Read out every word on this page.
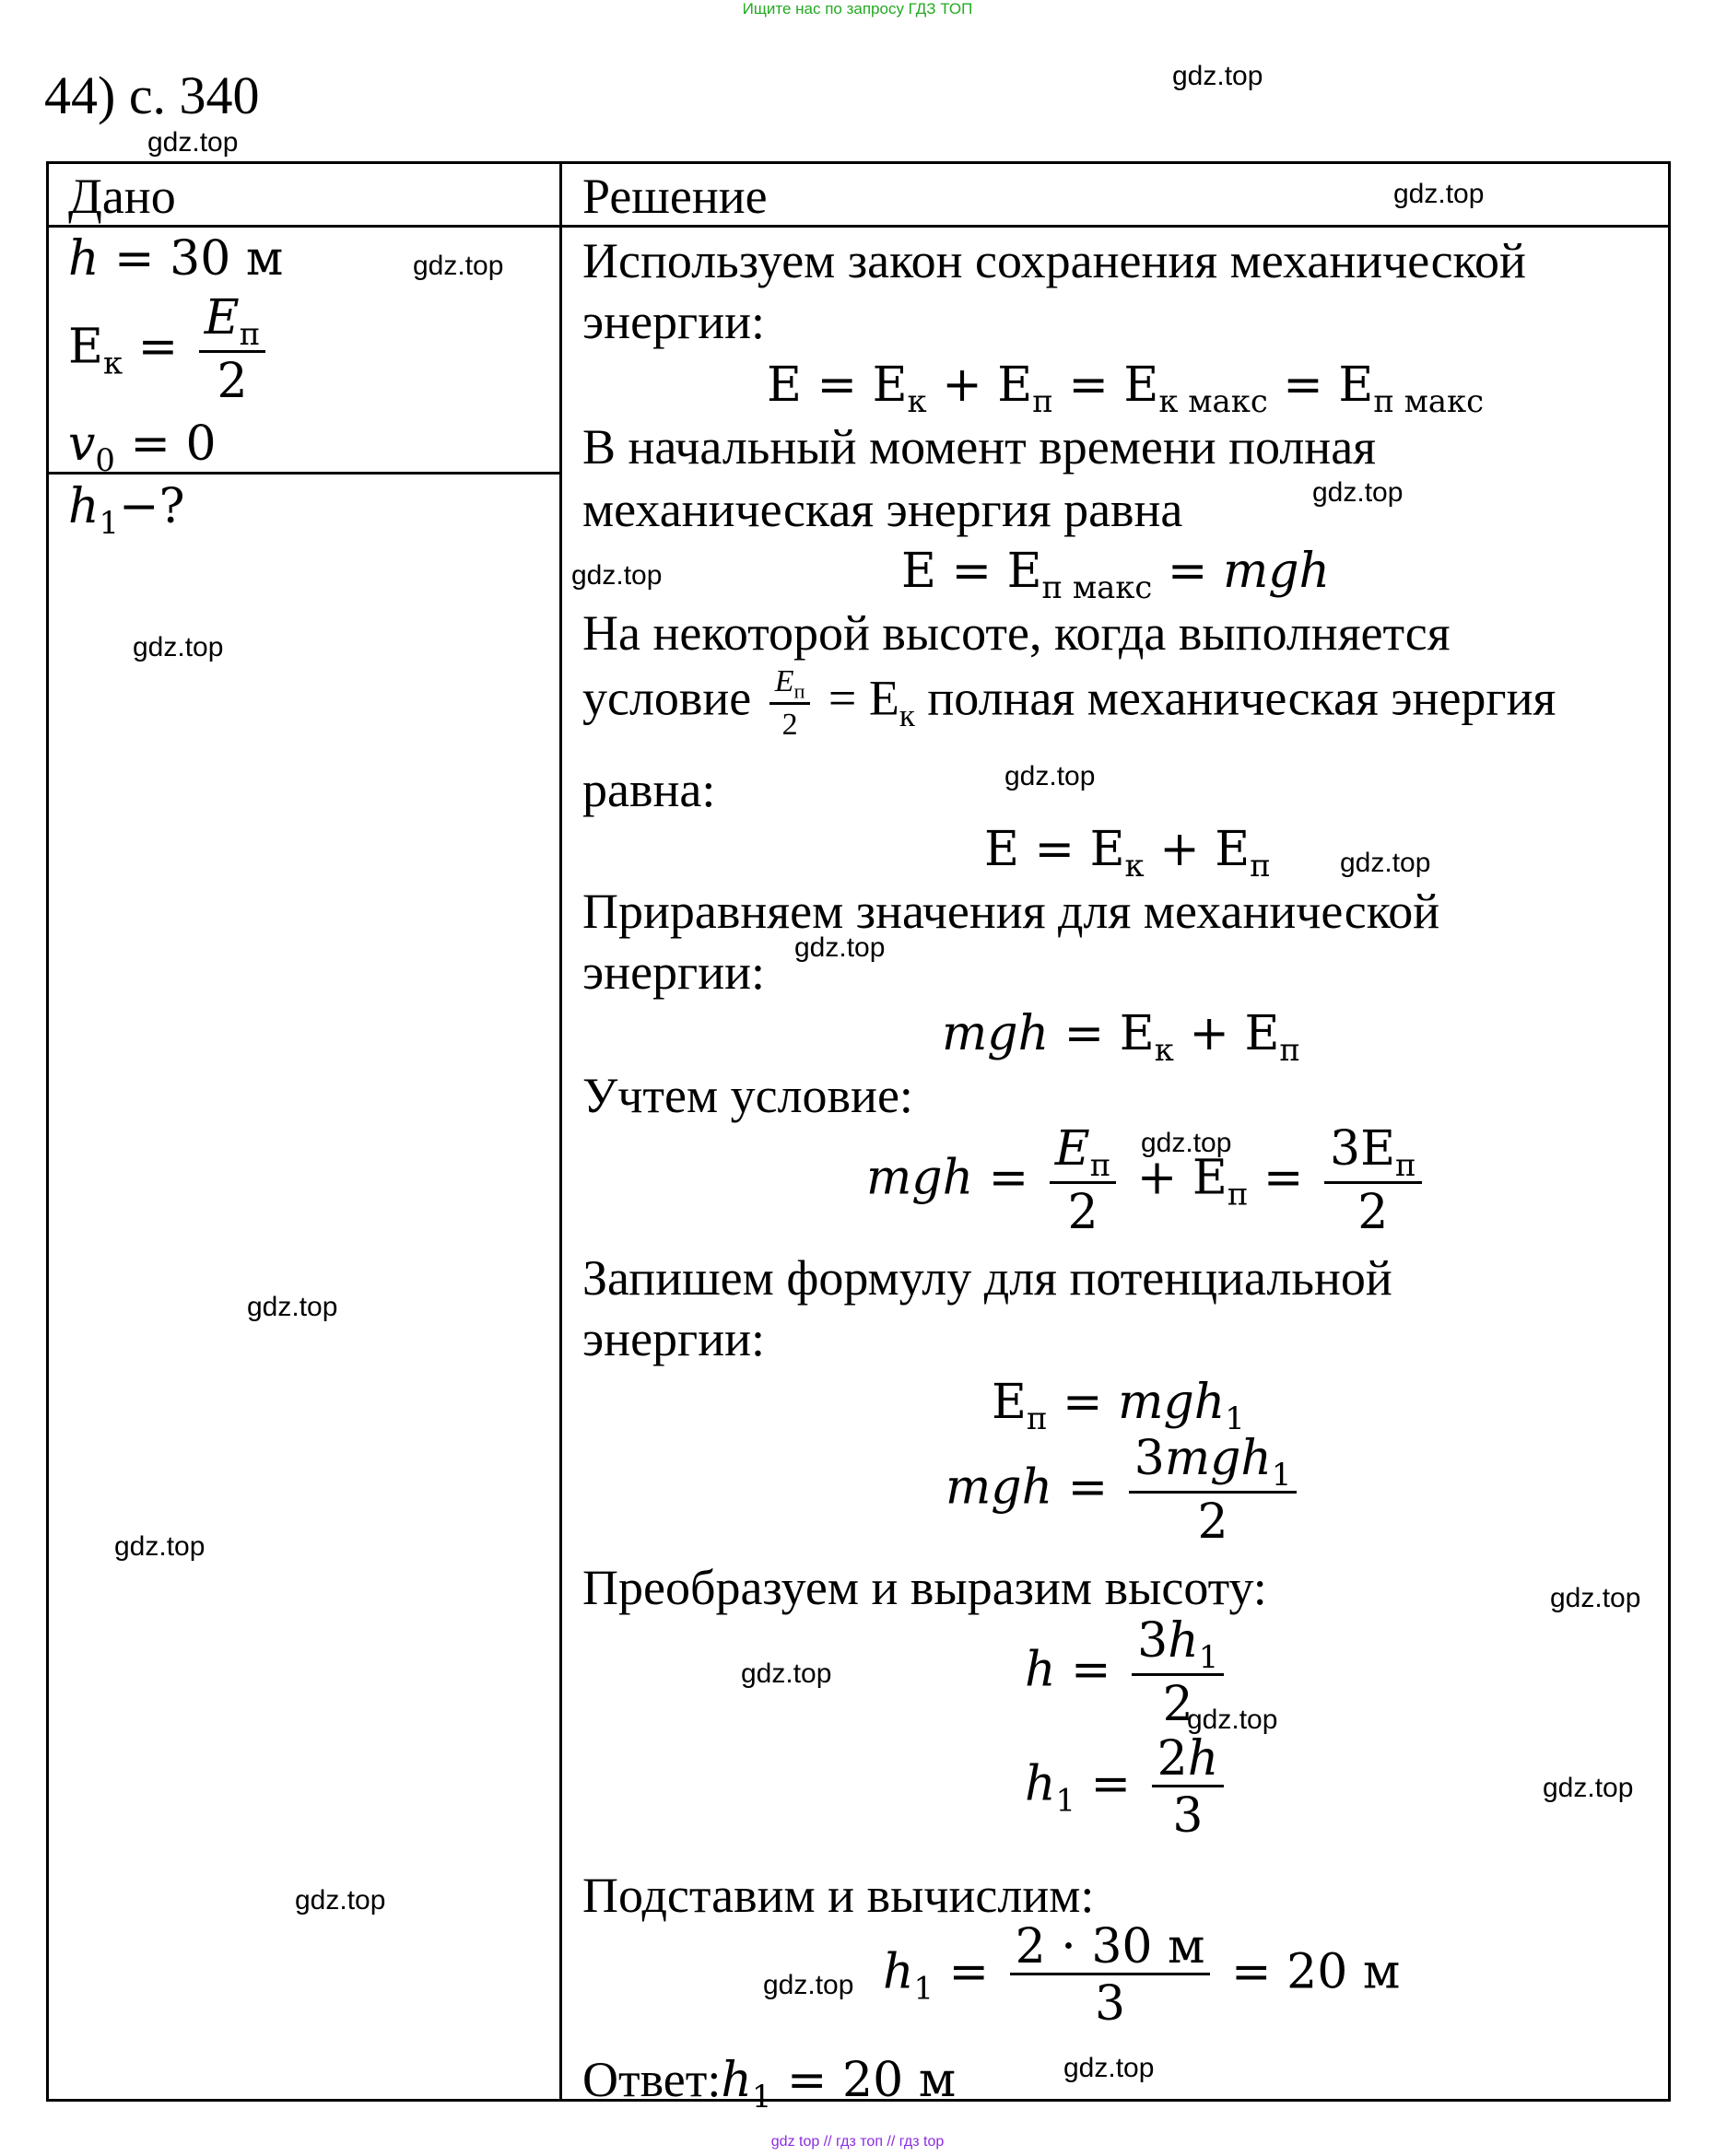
Ищите нас по запросу ГДЗ ТОП
44) с. 340
Дано	Решение
h = 30 м
$Е_к = \frac{E_п}{2}$
$v_0 = 0$
$h_1-$?
Используем закон сохранения механической
энергии:
$Е = Е_к + Е_п = Е_{к макс} = Е_{п макс}$
В начальный момент времени полная
механическая энергия равна
$Е = Е_{п макс}$ = mgh
На некоторой высоте, когда выполняется
условие $\frac{E_п}{2} = Е_к$ полная механическая энергия
равна:
$Е = Е_к + Е_п$
Приравняем значения для механической
энергии:
mgh = $Е_к + Е_п$
Учтем условие:
mgh = $\frac{E_п}{2} + Е_п = \frac{3Е_п}{2}$
Запишем формулу для потенциальной
энергии:
$Е_п = mgh_1$
mgh = $\frac{3mgh_1}{2}$
Преобразуем и выразим высоту:
$h = \frac{3h_1}{2}$
$h_1 = \frac{2h}{3}$
Подставим и вычислим:
$h_1 = \frac{2 \cdot 30 м}{3} = 20$ м
$Ответ:h_1 = 20$ м
gdz.top
gdz.top
gdz.top
gdz.top
gdz.top
gdz.top
gdz.top
gdz.top
gdz.top
gdz.top
gdz.top
gdz.top
gdz.top
gdz.top
gdz.top
gdz.top
gdz.top
gdz.top
gdz.top
gdz.top
gdz top // гдз топ // гдз top
